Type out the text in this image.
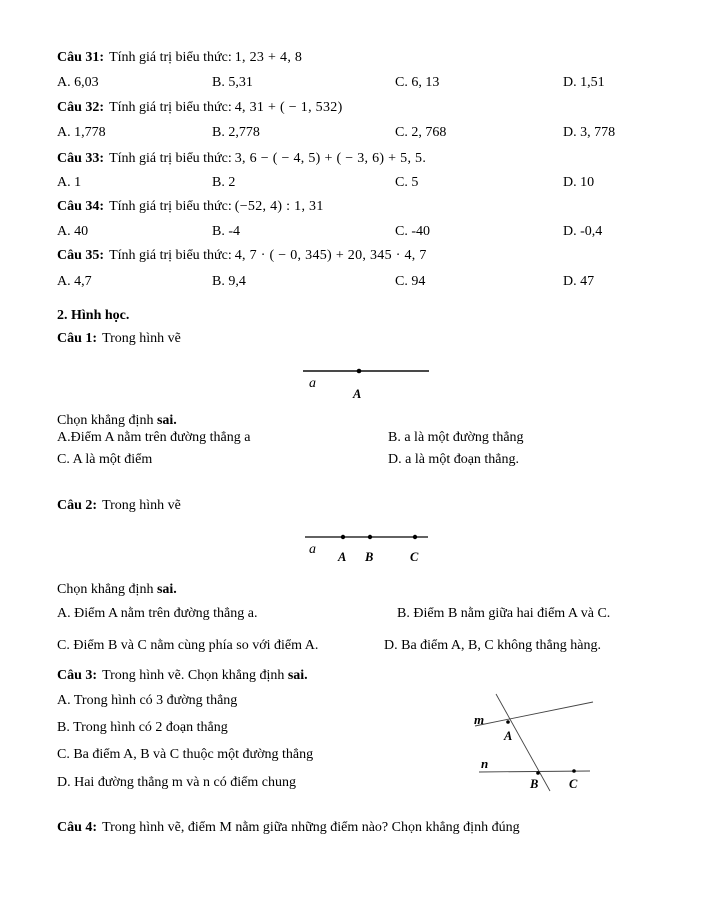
Câu 31: Tính giá trị biểu thức: 1, 23 + 4, 8
A. 6,03	B. 5,31	C. 6, 13	D. 1,51
Câu 32: Tính giá trị biểu thức: 4, 31 + ( − 1, 532)
A. 1,778	B. 2,778	C. 2, 768	D. 3, 778
Câu 33: Tính giá trị biểu thức: 3, 6 − ( − 4, 5) + ( − 3, 6) + 5, 5.
A. 1	B. 2	C. 5	D. 10
Câu 34: Tính giá trị biểu thức: (−52, 4) : 1, 31
A. 40	B. -4	C. -40	D. -0,4
Câu 35: Tính giá trị biểu thức: 4, 7 · ( − 0, 345) + 20, 345 · 4, 7
A. 4,7	B. 9,4	C. 94	D. 47
2. Hình học.
Câu 1: Trong hình vẽ
a
A
Chọn khẳng định sai.
A.Điểm A nằm trên đường thẳng a	B. a là một đường thẳng
C. A là một điểm	D. a là một đoạn thẳng.
Câu 2: Trong hình vẽ
a A B	C
Chọn khẳng định sai.
A. Điểm A nằm trên đường thẳng a.	B. Điểm B nằm giữa hai điểm A và C.
C. Điểm B và C nằm cùng phía so với điểm A.	D. Ba điểm A, B, C không thẳng hàng.
Câu 3: Trong hình vẽ. Chọn khẳng định sai.
A. Trong hình có 3 đường thẳng
B. Trong hình có 2 đoạn thẳng
C. Ba điểm A, B và C thuộc một đường thẳng
D. Hai đường thẳng m và n có điểm chung
m
n
A
B C
Câu 4: Trong hình vẽ, điểm M nằm giữa những điểm nào? Chọn khẳng định đúng
